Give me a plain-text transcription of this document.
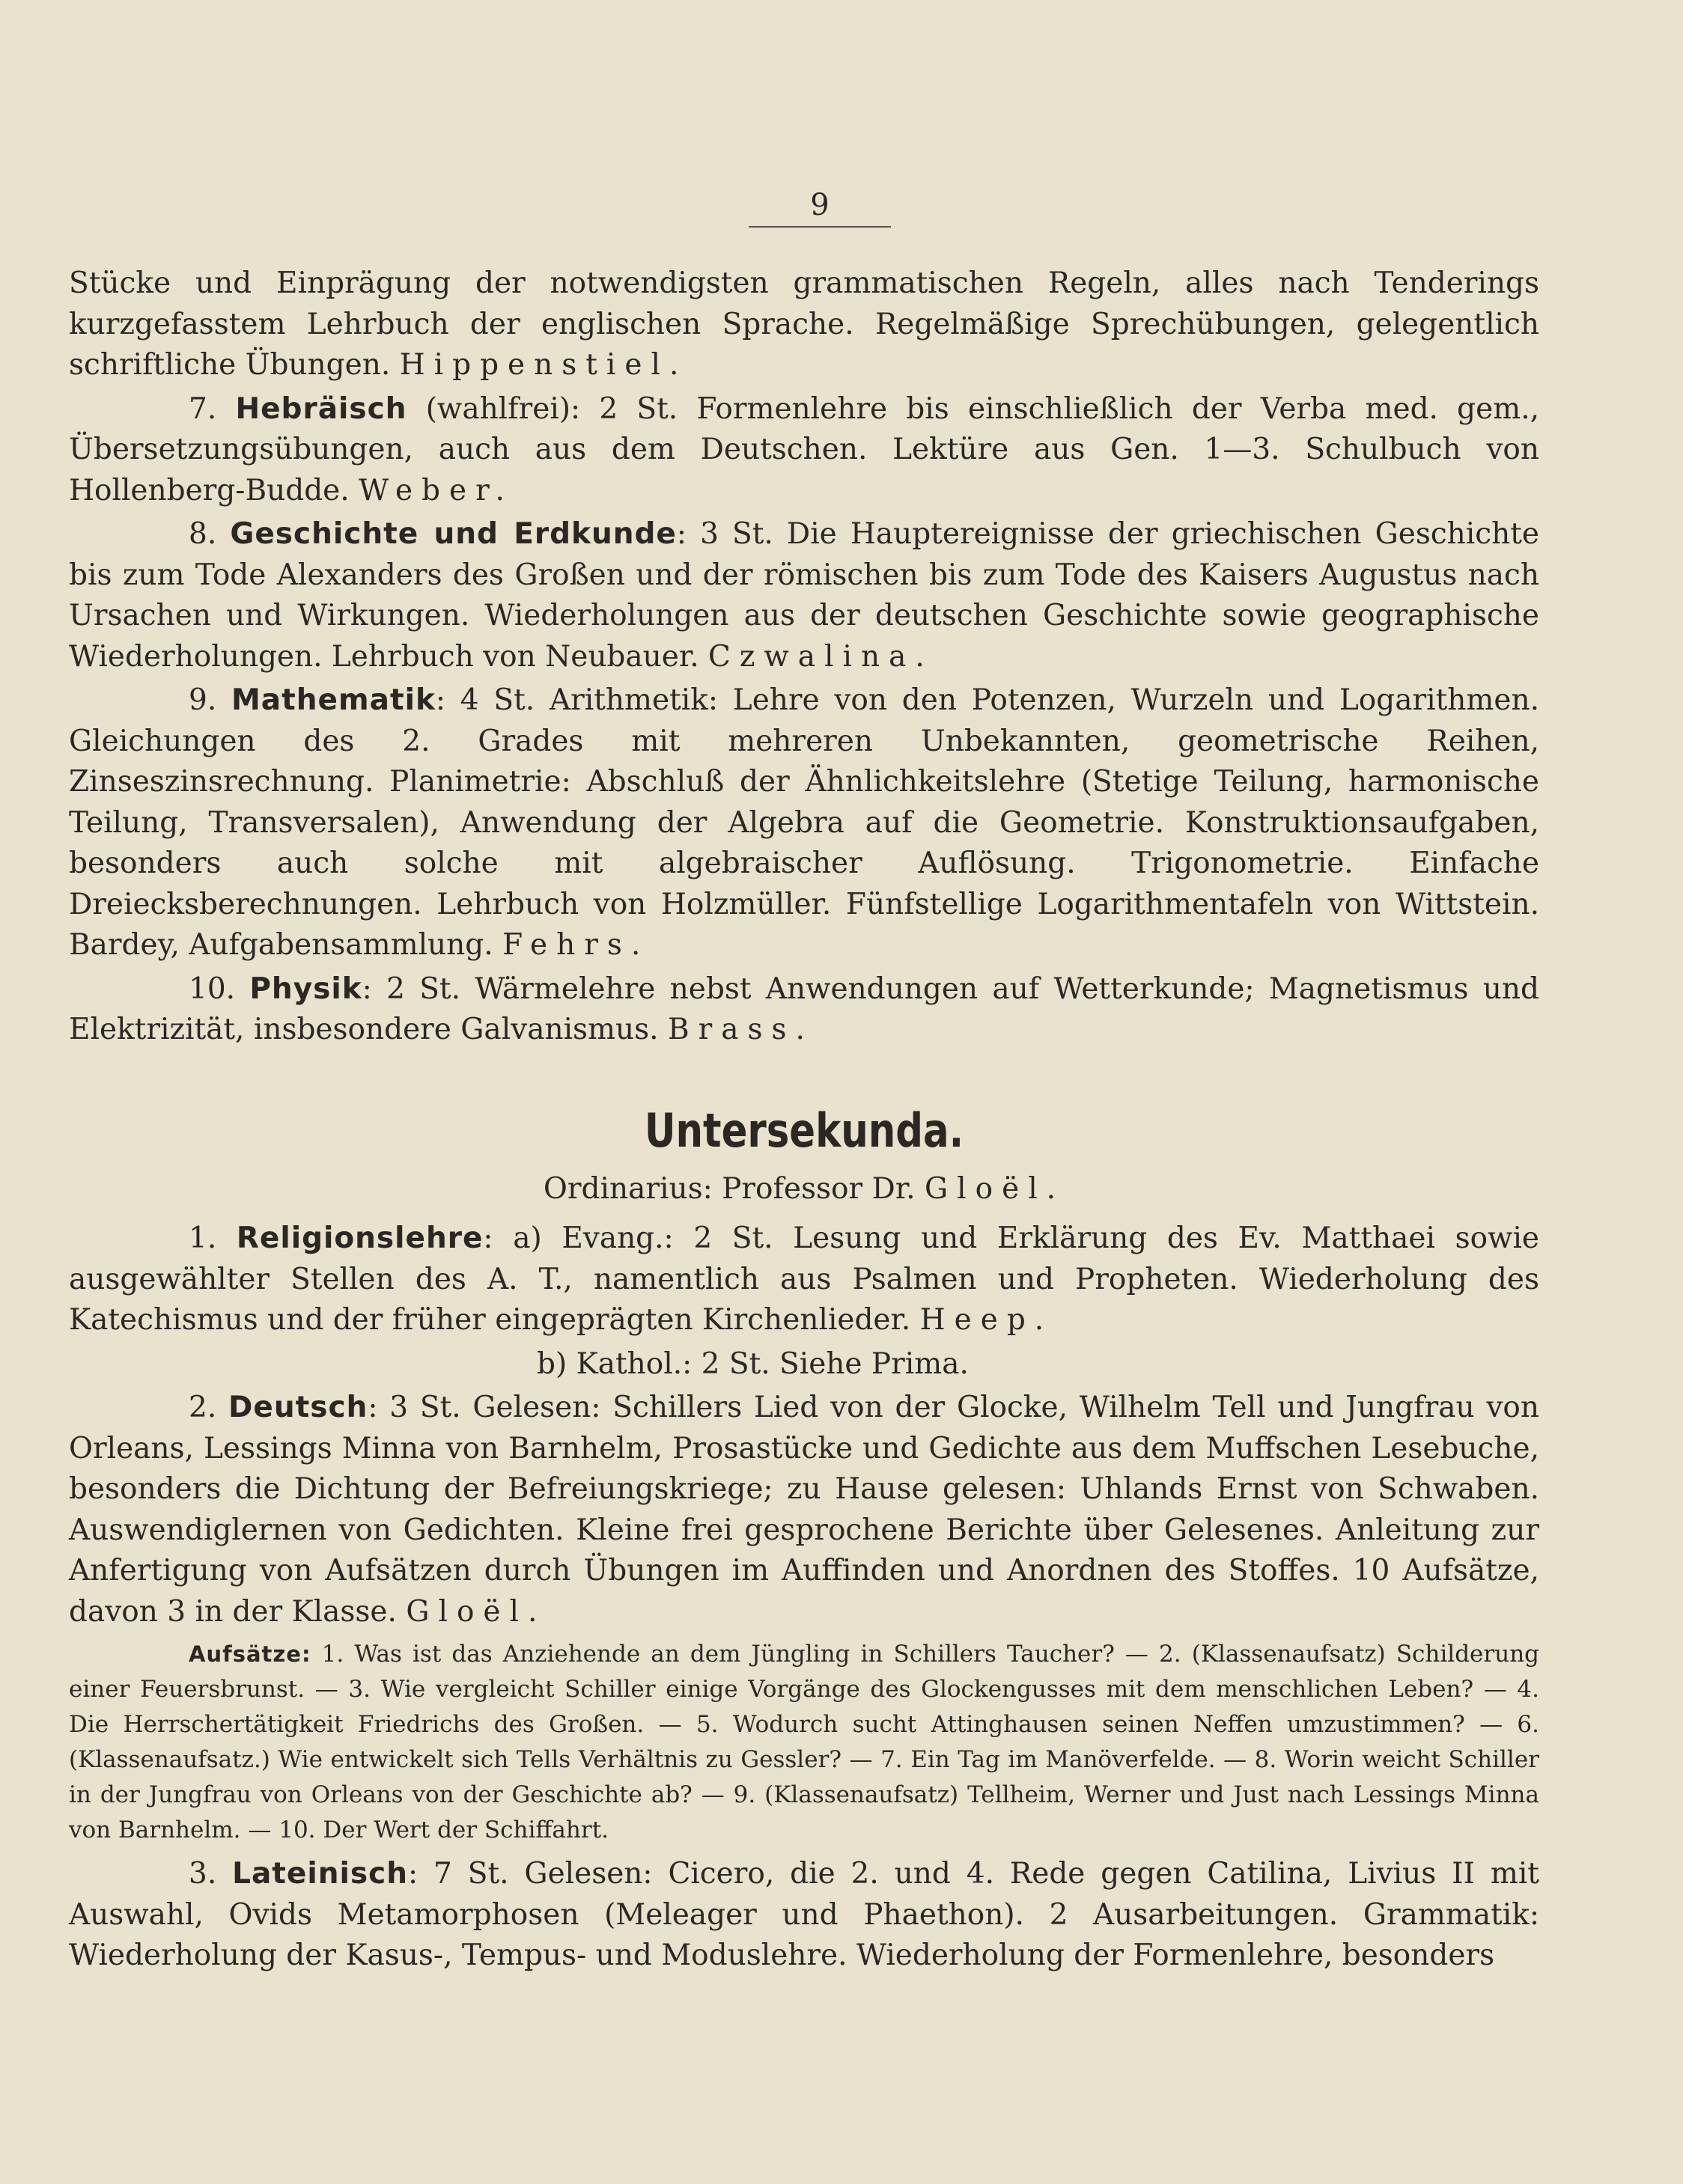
9

Stücke und Einprägung der notwendigsten grammatischen Regeln, alles nach Tenderings kurzgefasstem Lehrbuch der englischen Sprache. Regelmäßige Sprechübungen, gelegentlich schriftliche Übungen. Hippenstiel.

7. Hebräisch (wahlfrei): 2 St. Formenlehre bis einschließlich der Verba med. gem., Übersetzungsübungen, auch aus dem Deutschen. Lektüre aus Gen. 1—3. Schulbuch von Hollenberg-Budde. Weber.

8. Geschichte und Erdkunde: 3 St. Die Hauptereignisse der griechischen Geschichte bis zum Tode Alexanders des Großen und der römischen bis zum Tode des Kaisers Augustus nach Ursachen und Wirkungen. Wiederholungen aus der deutschen Geschichte sowie geographische Wiederholungen. Lehrbuch von Neubauer. Czwalina.

9. Mathematik: 4 St. Arithmetik: Lehre von den Potenzen, Wurzeln und Logarithmen. Gleichungen des 2. Grades mit mehreren Unbekannten, geometrische Reihen, Zinseszinsrechnung. Planimetrie: Abschluß der Ähnlichkeitslehre (Stetige Teilung, harmonische Teilung, Transversalen), Anwendung der Algebra auf die Geometrie. Konstruktionsaufgaben, besonders auch solche mit algebraischer Auflösung. Trigonometrie. Einfache Dreiecksberechnungen. Lehrbuch von Holzmüller. Fünfstellige Logarithmentafeln von Wittstein. Bardey, Aufgabensammlung. Fehrs.

10. Physik: 2 St. Wärmelehre nebst Anwendungen auf Wetterkunde; Magnetismus und Elektrizität, insbesondere Galvanismus. Brass.

Untersekunda.

Ordinarius: Professor Dr. Gloël.

1. Religionslehre: a) Evang.: 2 St. Lesung und Erklärung des Ev. Matthaei sowie ausgewählter Stellen des A. T., namentlich aus Psalmen und Propheten. Wiederholung des Katechismus und der früher eingeprägten Kirchenlieder. Heep.

b) Kathol.: 2 St. Siehe Prima.

2. Deutsch: 3 St. Gelesen: Schillers Lied von der Glocke, Wilhelm Tell und Jungfrau von Orleans, Lessings Minna von Barnhelm, Prosastücke und Gedichte aus dem Muffschen Lesebuche, besonders die Dichtung der Befreiungskriege; zu Hause gelesen: Uhlands Ernst von Schwaben. Auswendiglernen von Gedichten. Kleine frei gesprochene Berichte über Gelesenes. Anleitung zur Anfertigung von Aufsätzen durch Übungen im Auffinden und Anordnen des Stoffes. 10 Aufsätze, davon 3 in der Klasse. Gloël.

Aufsätze: 1. Was ist das Anziehende an dem Jüngling in Schillers Taucher? — 2. (Klassenaufsatz) Schilderung einer Feuersbrunst. — 3. Wie vergleicht Schiller einige Vorgänge des Glockengusses mit dem menschlichen Leben? — 4. Die Herrschertätigkeit Friedrichs des Großen. — 5. Wodurch sucht Attinghausen seinen Neffen umzustimmen? — 6. (Klassenaufsatz.) Wie entwickelt sich Tells Verhältnis zu Gessler? — 7. Ein Tag im Manöverfelde. — 8. Worin weicht Schiller in der Jungfrau von Orleans von der Geschichte ab? — 9. (Klassenaufsatz) Tellheim, Werner und Just nach Lessings Minna von Barnhelm. — 10. Der Wert der Schiffahrt.

3. Lateinisch: 7 St. Gelesen: Cicero, die 2. und 4. Rede gegen Catilina, Livius II mit Auswahl, Ovids Metamorphosen (Meleager und Phaethon). 2 Ausarbeitungen. Grammatik: Wiederholung der Kasus-, Tempus- und Moduslehre. Wiederholung der Formenlehre, besonders
